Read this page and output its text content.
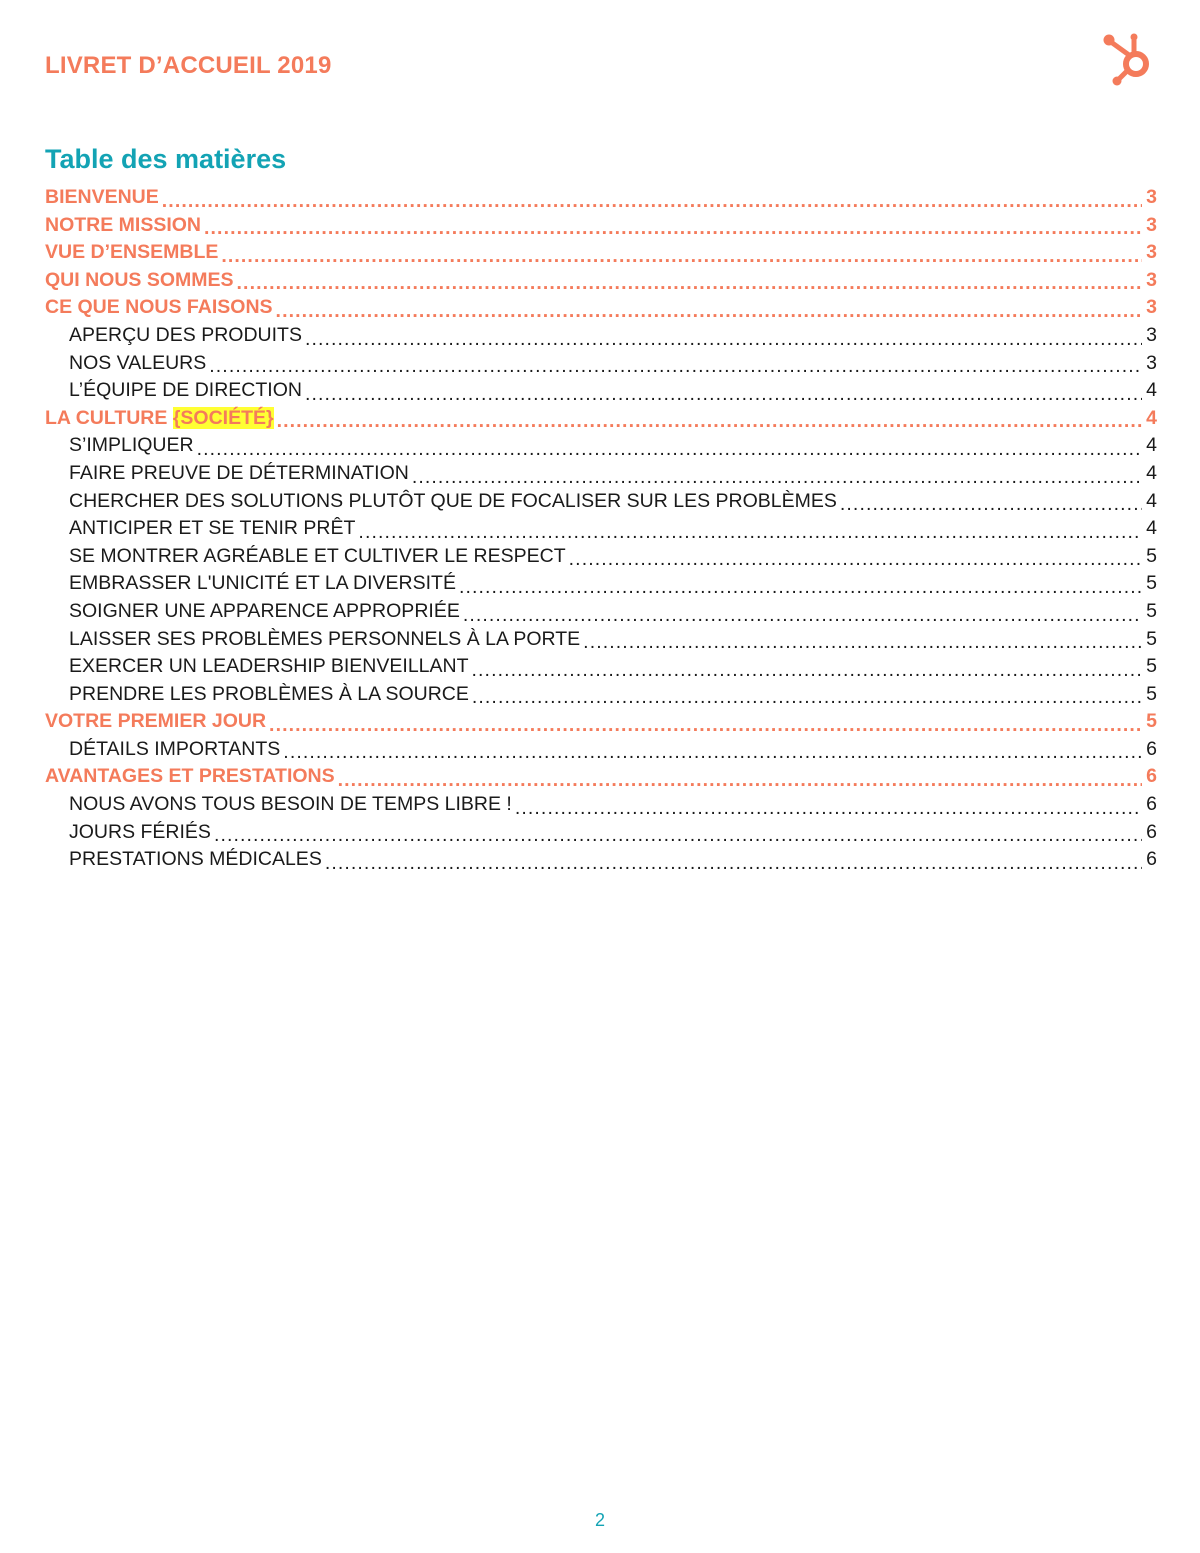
LIVRET D’ACCUEIL 2019
Table des matières
BIENVENUE .....	3
NOTRE MISSION .....	3
VUE D’ENSEMBLE .....	3
QUI NOUS SOMMES .....	3
CE QUE NOUS FAISONS .....	3
APERÇU DES PRODUITS .....	3
NOS VALEURS .....	3
L’ÉQUIPE DE DIRECTION .....	4
LA CULTURE {SOCIÉTÉ} .....	4
S’IMPLIQUER .....	4
FAIRE PREUVE DE DÉTERMINATION .....	4
CHERCHER DES SOLUTIONS PLUTÔT QUE DE FOCALISER SUR LES PROBLÈMES .....	4
ANTICIPER ET SE TENIR PRÊT .....	4
SE MONTRER AGRÉABLE ET CULTIVER LE RESPECT .....	5
EMBRASSER L'UNICITÉ ET LA DIVERSITÉ .....	5
SOIGNER UNE APPARENCE APPROPRIÉE .....	5
LAISSER SES PROBLÈMES PERSONNELS À LA PORTE .....	5
EXERCER UN LEADERSHIP BIENVEILLANT .....	5
PRENDRE LES PROBLÈMES À LA SOURCE .....	5
VOTRE PREMIER JOUR .....	5
DÉTAILS IMPORTANTS .....	6
AVANTAGES ET PRESTATIONS .....	6
NOUS AVONS TOUS BESOIN DE TEMPS LIBRE ! .....	6
JOURS FÉRIÉS .....	6
PRESTATIONS MÉDICALES .....	6
2
